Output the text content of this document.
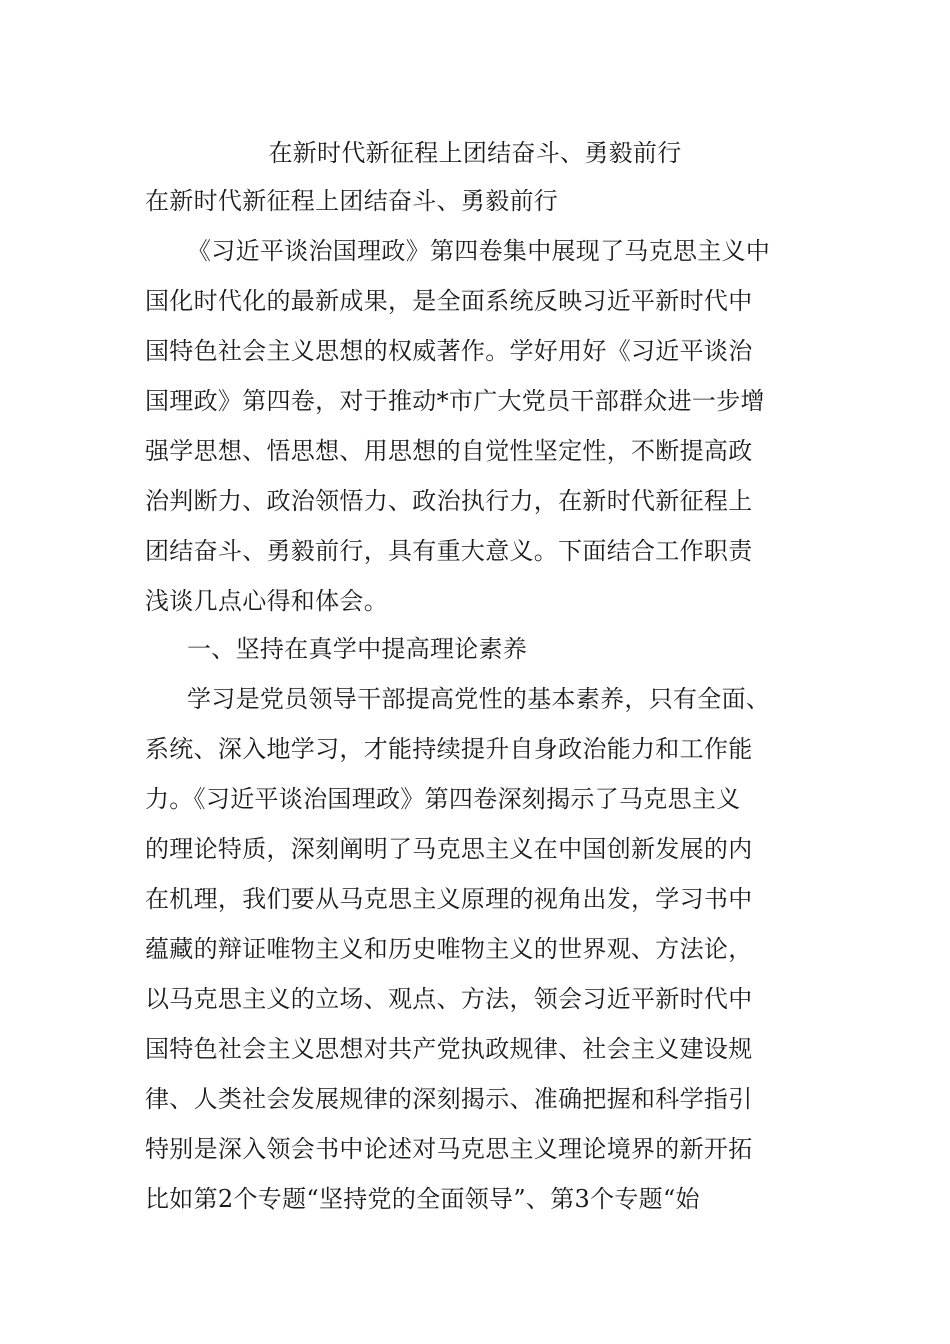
在新时代新征程上团结奋斗、勇毅前行
在新时代新征程上团结奋斗、勇毅前行
《习近平谈治国理政》第四卷集中展现了马克思主义中
国化时代化的最新成果，是全面系统反映习近平新时代中
国特色社会主义思想的权威著作。学好用好《习近平谈治
国理政》第四卷，对于推动*市广大党员干部群众进一步增
强学思想、悟思想、用思想的自觉性坚定性，不断提高政
治判断力、政治领悟力、政治执行力，在新时代新征程上
团结奋斗、勇毅前行，具有重大意义。下面结合工作职责
浅谈几点心得和体会。
一、坚持在真学中提高理论素养
学习是党员领导干部提高党性的基本素养，只有全面、
系统、深入地学习，才能持续提升自身政治能力和工作能
力。《习近平谈治国理政》第四卷深刻揭示了马克思主义
的理论特质，深刻阐明了马克思主义在中国创新发展的内
在机理，我们要从马克思主义原理的视角出发，学习书中
蕴藏的辩证唯物主义和历史唯物主义的世界观、方法论，
以马克思主义的立场、观点、方法，领会习近平新时代中
国特色社会主义思想对共产党执政规律、社会主义建设规
律、人类社会发展规律的深刻揭示、准确把握和科学指引
特别是深入领会书中论述对马克思主义理论境界的新开拓
比如第2个专题“坚持党的全面领导”、第3个专题“始
